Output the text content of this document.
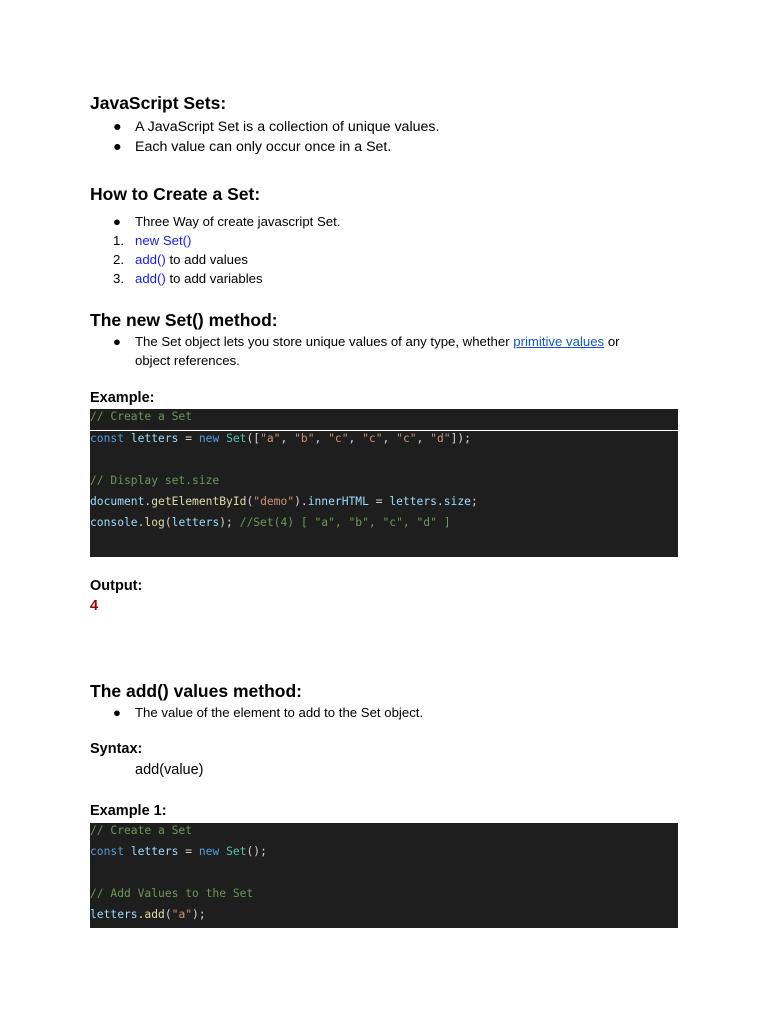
JavaScript Sets:
● A JavaScript Set is a collection of unique values.
● Each value can only occur once in a Set.
How to Create a Set:
● Three Way of create javascript Set.
1. new Set()
2. add() to add values
3. add() to add variables
The new Set() method:
● The Set object lets you store unique values of any type, whether primitive values or object references.
Example:
// Create a Set
const letters = new Set(["a", "b", "c", "c", "c", "d"]);
// Display set.size
document.getElementById("demo").innerHTML = letters.size;
console.log(letters); //Set(4) [ "a", "b", "c", "d" ]
Output:
4
The add() values method:
● The value of the element to add to the Set object.
Syntax:
add(value)
Example 1:
// Create a Set
const letters = new Set();
// Add Values to the Set
letters.add("a");
